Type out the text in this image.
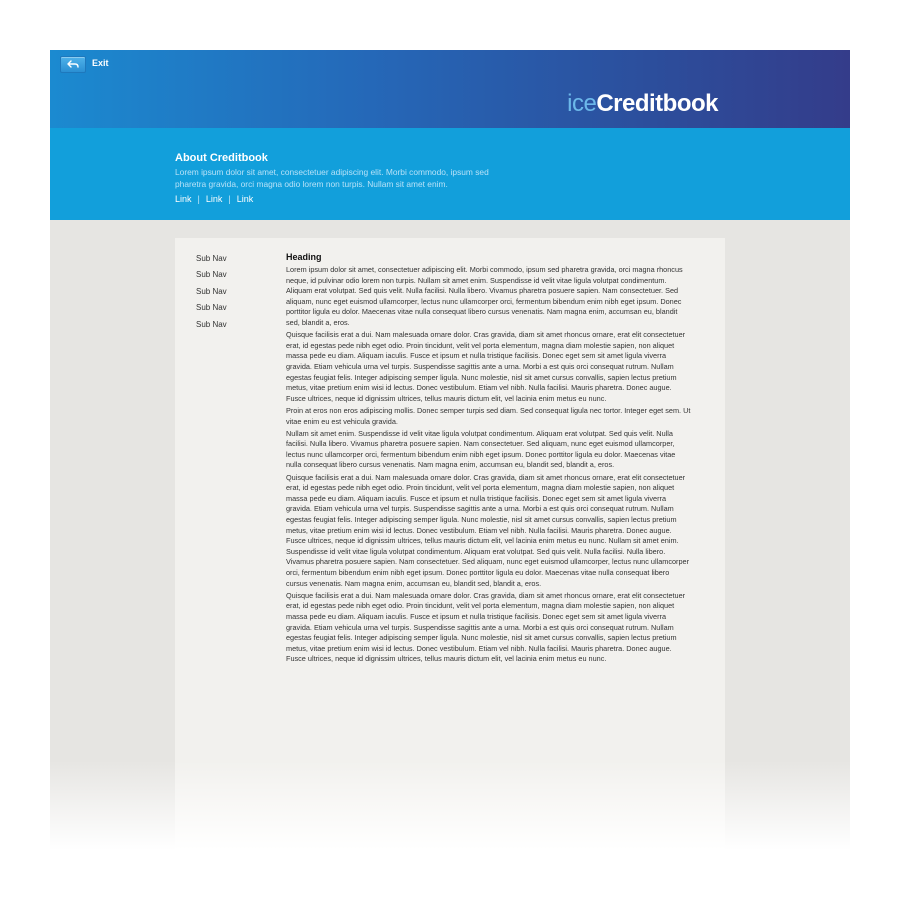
Exit
iceCreditbook
About Creditbook
Lorem ipsum dolor sit amet, consectetuer adipiscing elit. Morbi commodo, ipsum sed pharetra gravida, orci magna odio lorem non turpis. Nullam sit amet enim.
Link | Link | Link
Sub Nav
Sub Nav
Sub Nav
Sub Nav
Sub Nav
Heading

Lorem ipsum dolor sit amet, consectetuer adipiscing elit. Morbi commodo, ipsum sed pharetra gravida, orci magna rhoncus neque, id pulvinar odio lorem non turpis. Nullam sit amet enim. Suspendisse id velit vitae ligula volutpat condimentum. Aliquam erat volutpat. Sed quis velit. Nulla facilisi. Nulla libero. Vivamus pharetra posuere sapien. Nam consectetuer. Sed aliquam, nunc eget euismod ullamcorper, lectus nunc ullamcorper orci, fermentum bibendum enim nibh eget ipsum. Donec porttitor ligula eu dolor. Maecenas vitae nulla consequat libero cursus venenatis. Nam magna enim, accumsan eu, blandit sed, blandit a, eros.

Quisque facilisis erat a dui. Nam malesuada ornare dolor. Cras gravida, diam sit amet rhoncus ornare, erat elit consectetuer erat, id egestas pede nibh eget odio. Proin tincidunt, velit vel porta elementum, magna diam molestie sapien, non aliquet massa pede eu diam. Aliquam iaculis. Fusce et ipsum et nulla tristique facilisis. Donec eget sem sit amet ligula viverra gravida. Etiam vehicula urna vel turpis. Suspendisse sagittis ante a urna. Morbi a est quis orci consequat rutrum. Nullam egestas feugiat felis. Integer adipiscing semper ligula. Nunc molestie, nisl sit amet cursus convallis, sapien lectus pretium metus, vitae pretium enim wisi id lectus. Donec vestibulum. Etiam vel nibh. Nulla facilisi. Mauris pharetra. Donec augue. Fusce ultrices, neque id dignissim ultrices, tellus mauris dictum elit, vel lacinia enim metus eu nunc.

Proin at eros non eros adipiscing mollis. Donec semper turpis sed diam. Sed consequat ligula nec tortor. Integer eget sem. Ut vitae enim eu est vehicula gravida.

Nullam sit amet enim. Suspendisse id velit vitae ligula volutpat condimentum. Aliquam erat volutpat. Sed quis velit. Nulla facilisi. Nulla libero. Vivamus pharetra posuere sapien. Nam consectetuer. Sed aliquam, nunc eget euismod ullamcorper, lectus nunc ullamcorper orci, fermentum bibendum enim nibh eget ipsum. Donec porttitor ligula eu dolor. Maecenas vitae nulla consequat libero cursus venenatis. Nam magna enim, accumsan eu, blandit sed, blandit a, eros.

Quisque facilisis erat a dui. Nam malesuada ornare dolor. Cras gravida, diam sit amet rhoncus ornare, erat elit consectetuer erat, id egestas pede nibh eget odio. Proin tincidunt, velit vel porta elementum, magna diam molestie sapien, non aliquet massa pede eu diam. Aliquam iaculis. Fusce et ipsum et nulla tristique facilisis. Donec eget sem sit amet ligula viverra gravida. Etiam vehicula urna vel turpis. Suspendisse sagittis ante a urna. Morbi a est quis orci consequat rutrum. Nullam egestas feugiat felis. Integer adipiscing semper ligula. Nunc molestie, nisl sit amet cursus convallis, sapien lectus pretium metus, vitae pretium enim wisi id lectus. Donec vestibulum. Etiam vel nibh. Nulla facilisi. Mauris pharetra. Donec augue. Fusce ultrices, neque id dignissim ultrices, tellus mauris dictum elit, vel lacinia enim metus eu nunc. Nullam sit amet enim. Suspendisse id velit vitae ligula volutpat condimentum. Aliquam erat volutpat. Sed quis velit. Nulla facilisi. Nulla libero. Vivamus pharetra posuere sapien. Nam consectetuer. Sed aliquam, nunc eget euismod ullamcorper, lectus nunc ullamcorper orci, fermentum bibendum enim nibh eget ipsum. Donec porttitor ligula eu dolor. Maecenas vitae nulla consequat libero cursus venenatis. Nam magna enim, accumsan eu, blandit sed, blandit a, eros.

Quisque facilisis erat a dui. Nam malesuada ornare dolor. Cras gravida, diam sit amet rhoncus ornare, erat elit consectetuer erat, id egestas pede nibh eget odio. Proin tincidunt, velit vel porta elementum, magna diam molestie sapien, non aliquet massa pede eu diam. Aliquam iaculis. Fusce et ipsum et nulla tristique facilisis. Donec eget sem sit amet ligula viverra gravida. Etiam vehicula urna vel turpis. Suspendisse sagittis ante a urna. Morbi a est quis orci consequat rutrum. Nullam egestas feugiat felis. Integer adipiscing semper ligula. Nunc molestie, nisl sit amet cursus convallis, sapien lectus pretium metus, vitae pretium enim wisi id lectus. Donec vestibulum. Etiam vel nibh. Nulla facilisi. Mauris pharetra. Donec augue. Fusce ultrices, neque id dignissim ultrices, tellus mauris dictum elit, vel lacinia enim metus eu nunc.
